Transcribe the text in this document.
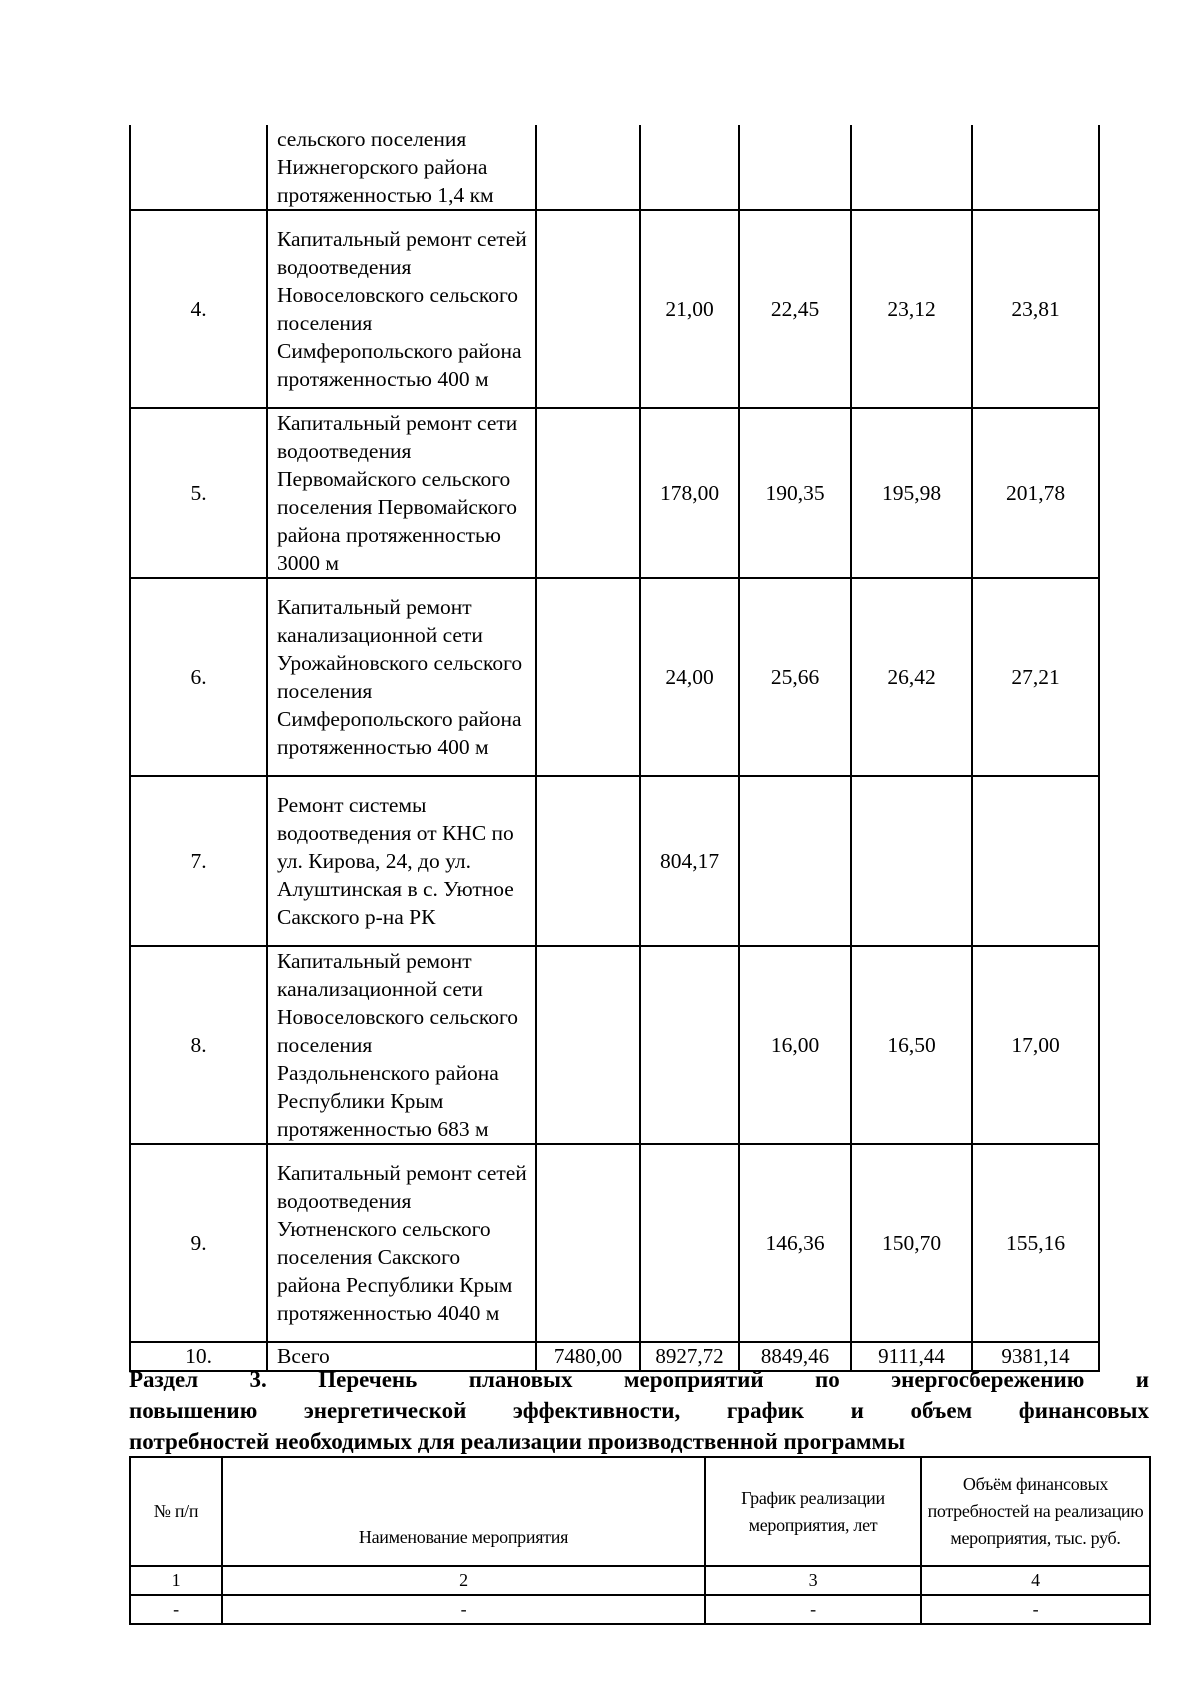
	сельского поселения Нижнегорского района протяженностью 1,4 км					
4.	Капитальный ремонт сетей водоотведения Новоселовского сельского поселения Симферопольского района протяженностью 400 м		21,00	22,45	23,12	23,81
5.	Капитальный ремонт сети водоотведения Первомайского сельского поселения Первомайского района протяженностью 3000 м		178,00	190,35	195,98	201,78
6.	Капитальный ремонт канализационной сети Урожайновского сельского поселения Симферопольского района протяженностью 400 м		24,00	25,66	26,42	27,21
7.	Ремонт системы водоотведения от КНС по ул. Кирова, 24, до ул. Алуштинская в с. Уютное Сакского р-на РК		804,17			
8.	Капитальный ремонт канализационной сети Новоселовского сельского поселения Раздольненского района Республики Крым протяженностью 683 м			16,00	16,50	17,00
9.	Капитальный ремонт сетей водоотведения Уютненского сельского поселения Сакского района Республики Крым протяженностью 4040 м			146,36	150,70	155,16
10.	Всего	7480,00	8927,72	8849,46	9111,44	9381,14
Раздел 3. Перечень плановых мероприятий по энергосбережению и
повышению энергетической эффективности, график и объем финансовых
потребностей необходимых для реализации производственной программы
№ п/п	Наименование мероприятия	График реализации мероприятия, лет	Объём финансовых потребностей на реализацию мероприятия, тыс. руб.
1	2	3	4
-	-	-	-
